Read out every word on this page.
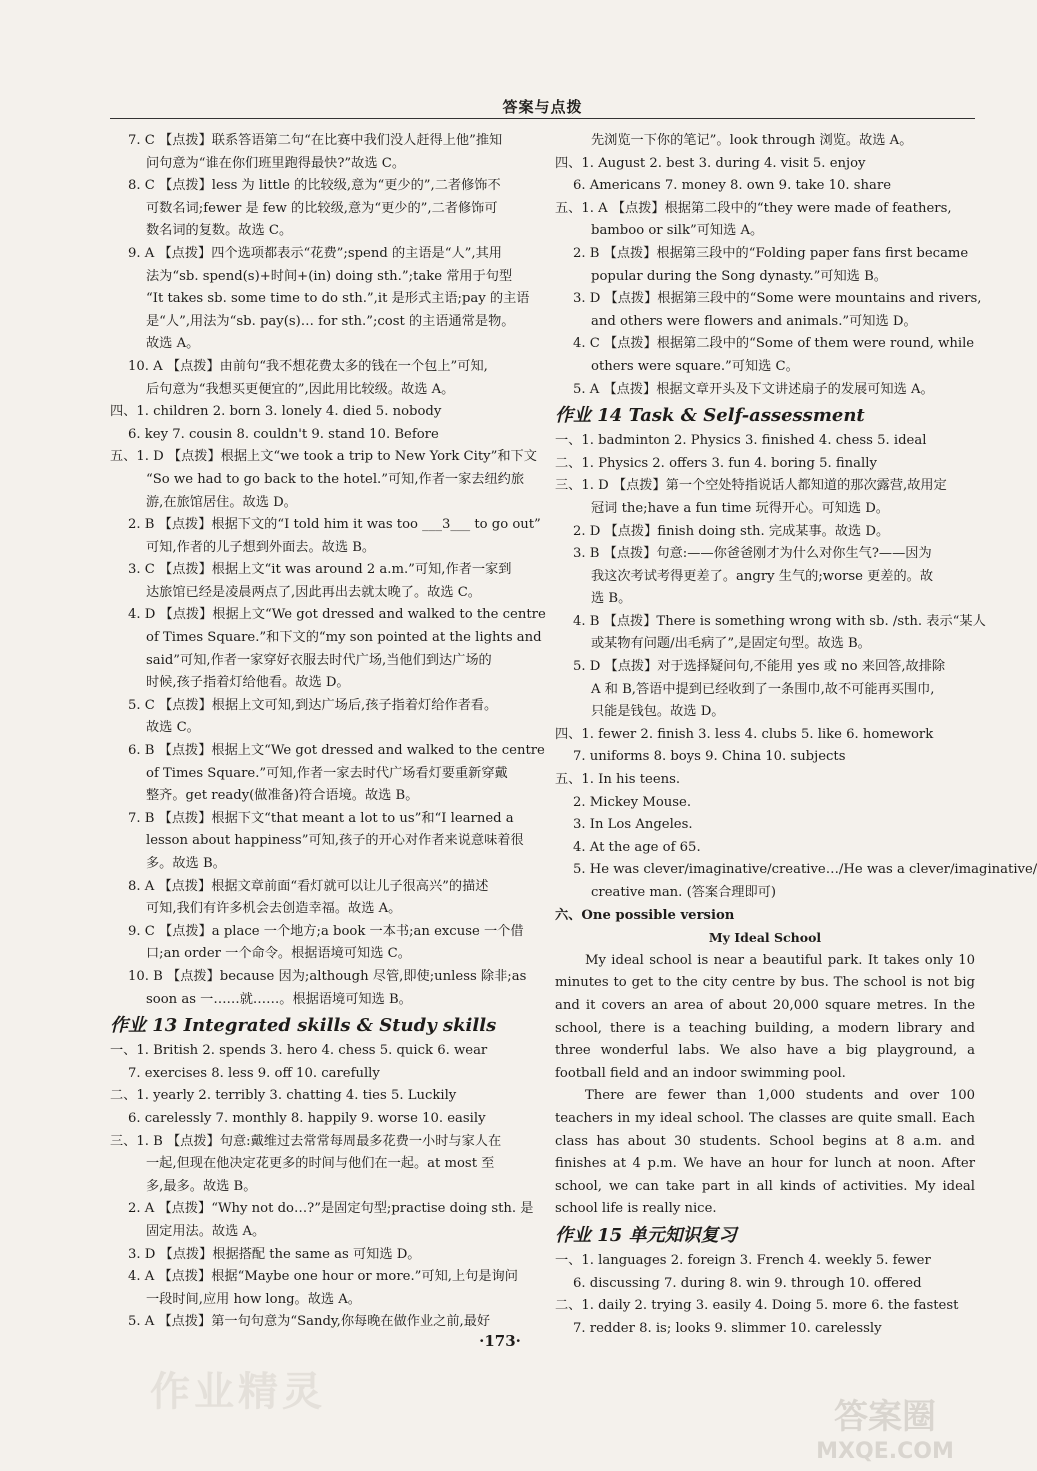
答案与点拨
7. C 【点拨】联系答语第二句“在比赛中我们没人赶得上他”推知
问句意为“谁在你们班里跑得最快?”故选 C。
8. C 【点拨】less 为 little 的比较级,意为“更少的”,二者修饰不
可数名词;fewer 是 few 的比较级,意为“更少的”,二者修饰可
数名词的复数。故选 C。
9. A 【点拨】四个选项都表示“花费”;spend 的主语是“人”,其用
法为“sb. spend(s)+时间+(in) doing sth.”;take 常用于句型
“It takes sb. some time to do sth.”,it 是形式主语;pay 的主语
是“人”,用法为“sb. pay(s)… for sth.”;cost 的主语通常是物。
故选 A。
10. A 【点拨】由前句“我不想花费太多的钱在一个包上”可知,
后句意为“我想买更便宜的”,因此用比较级。故选 A。
四、1. children 2. born 3. lonely 4. died 5. nobody
6. key 7. cousin 8. couldn't 9. stand 10. Before
五、1. D 【点拨】根据上文“we took a trip to New York City”和下文
“So we had to go back to the hotel.”可知,作者一家去纽约旅
游,在旅馆居住。故选 D。
2. B 【点拨】根据下文的“I told him it was too ___3___ to go out”
可知,作者的儿子想到外面去。故选 B。
3. C 【点拨】根据上文“it was around 2 a.m.”可知,作者一家到
达旅馆已经是凌晨两点了,因此再出去就太晚了。故选 C。
4. D 【点拨】根据上文“We got dressed and walked to the centre
of Times Square.”和下文的“my son pointed at the lights and
said”可知,作者一家穿好衣服去时代广场,当他们到达广场的
时候,孩子指着灯给他看。故选 D。
5. C 【点拨】根据上文可知,到达广场后,孩子指着灯给作者看。
故选 C。
6. B 【点拨】根据上文“We got dressed and walked to the centre
of Times Square.”可知,作者一家去时代广场看灯要重新穿戴
整齐。get ready(做准备)符合语境。故选 B。
7. B 【点拨】根据下文“that meant a lot to us”和“I learned a
lesson about happiness”可知,孩子的开心对作者来说意味着很
多。故选 B。
8. A 【点拨】根据文章前面“看灯就可以让儿子很高兴”的描述
可知,我们有许多机会去创造幸福。故选 A。
9. C 【点拨】a place 一个地方;a book 一本书;an excuse 一个借
口;an order 一个命令。根据语境可知选 C。
10. B 【点拨】because 因为;although 尽管,即使;unless 除非;as
soon as 一……就……。根据语境可知选 B。
作业 13 Integrated skills & Study skills
一、1. British 2. spends 3. hero 4. chess 5. quick 6. wear
7. exercises 8. less 9. off 10. carefully
二、1. yearly 2. terribly 3. chatting 4. ties 5. Luckily
6. carelessly 7. monthly 8. happily 9. worse 10. easily
三、1. B 【点拨】句意:戴维过去常常每周最多花费一小时与家人在
一起,但现在他决定花更多的时间与他们在一起。at most 至
多,最多。故选 B。
2. A 【点拨】“Why not do…?”是固定句型;practise doing sth. 是
固定用法。故选 A。
3. D 【点拨】根据搭配 the same as 可知选 D。
4. A 【点拨】根据“Maybe one hour or more.”可知,上句是询问
一段时间,应用 how long。故选 A。
5. A 【点拨】第一句句意为“Sandy,你每晚在做作业之前,最好
先浏览一下你的笔记”。look through 浏览。故选 A。
四、1. August 2. best 3. during 4. visit 5. enjoy
6. Americans 7. money 8. own 9. take 10. share
五、1. A 【点拨】根据第二段中的“they were made of feathers,
bamboo or silk”可知选 A。
2. B 【点拨】根据第三段中的“Folding paper fans first became
popular during the Song dynasty.”可知选 B。
3. D 【点拨】根据第三段中的“Some were mountains and rivers,
and others were flowers and animals.”可知选 D。
4. C 【点拨】根据第二段中的“Some of them were round, while
others were square.”可知选 C。
5. A 【点拨】根据文章开头及下文讲述扇子的发展可知选 A。
作业 14 Task & Self-assessment
一、1. badminton 2. Physics 3. finished 4. chess 5. ideal
二、1. Physics 2. offers 3. fun 4. boring 5. finally
三、1. D 【点拨】第一个空处特指说话人都知道的那次露营,故用定
冠词 the;have a fun time 玩得开心。可知选 D。
2. D 【点拨】finish doing sth. 完成某事。故选 D。
3. B 【点拨】句意:——你爸爸刚才为什么对你生气?——因为
我这次考试考得更差了。angry 生气的;worse 更差的。故
选 B。
4. B 【点拨】There is something wrong with sb. /sth. 表示“某人
或某物有问题/出毛病了”,是固定句型。故选 B。
5. D 【点拨】对于选择疑问句,不能用 yes 或 no 来回答,故排除
A 和 B,答语中提到已经收到了一条围巾,故不可能再买围巾,
只能是钱包。故选 D。
四、1. fewer 2. finish 3. less 4. clubs 5. like 6. homework
7. uniforms 8. boys 9. China 10. subjects
五、1. In his teens.
2. Mickey Mouse.
3. In Los Angeles.
4. At the age of 65.
5. He was clever/imaginative/creative…/He was a clever/imaginative/
creative man. (答案合理即可)
六、One possible version
My Ideal School
My ideal school is near a beautiful park. It takes only 10 minutes to get to the city centre by bus. The school is not big and it covers an area of about 20,000 square metres. In the school, there is a teaching building, a modern library and three wonderful labs. We also have a big playground, a football field and an indoor swimming pool.
There are fewer than 1,000 students and over 100 teachers in my ideal school. The classes are quite small. Each class has about 30 students. School begins at 8 a.m. and finishes at 4 p.m. We have an hour for lunch at noon. After school, we can take part in all kinds of activities. My ideal school life is really nice.
作业 15 单元知识复习
一、1. languages 2. foreign 3. French 4. weekly 5. fewer
6. discussing 7. during 8. win 9. through 10. offered
二、1. daily 2. trying 3. easily 4. Doing 5. more 6. the fastest
7. redder 8. is; looks 9. slimmer 10. carelessly
·173·
作业精灵
答案圈
MXQE.COM
